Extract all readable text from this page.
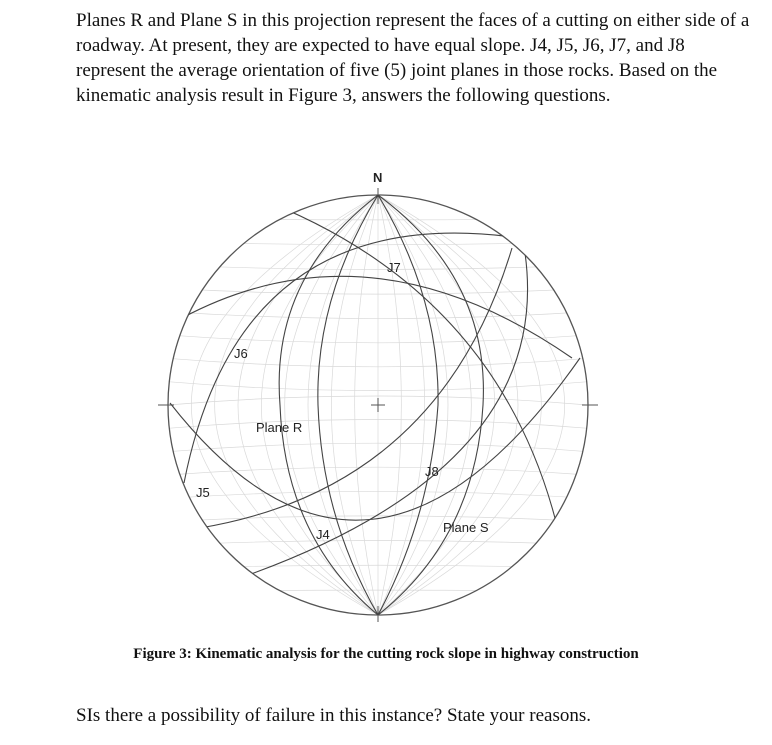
Planes R and Plane S in this projection represent the faces of a cutting on either side of a roadway. At present, they are expected to have equal slope. J4, J5, J6, J7, and J8 represent the average orientation of five (5) joint planes in those rocks. Based on the kinematic analysis result in Figure 3, answers the following questions.
N
J7
J6
Plane R
J8
J5
J4	Plane S
Figure 3: Kinematic analysis for the cutting rock slope in highway construction
SIs there a possibility of failure in this instance? State your reasons.
